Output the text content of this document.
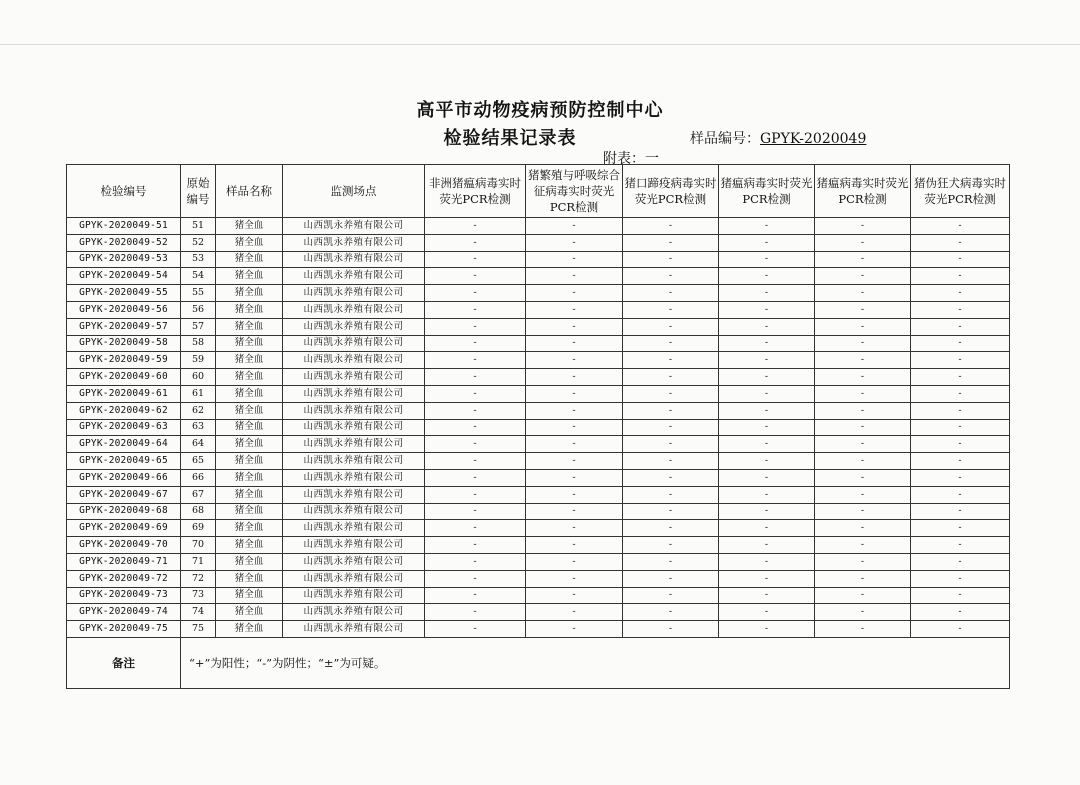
高平市动物疫病预防控制中心
检验结果记录表	样品编号：GPYK-2020049
附表：一
检验编号	原始编号	样品名称	监测场点	非洲猪瘟病毒实时荧光PCR检测	猪繁殖与呼吸综合征病毒实时荧光PCR检测	猪口蹄疫病毒实时荧光PCR检测	猪瘟病毒实时荧光PCR检测	猪瘟病毒实时荧光PCR检测	猪伪狂犬病毒实时荧光PCR检测
GPYK-2020049-51	51	猪全血	山西凯永养殖有限公司	-	-	-	-	-	-
GPYK-2020049-52	52	猪全血	山西凯永养殖有限公司	-	-	-	-	-	-
GPYK-2020049-53	53	猪全血	山西凯永养殖有限公司	-	-	-	-	-	-
GPYK-2020049-54	54	猪全血	山西凯永养殖有限公司	-	-	-	-	-	-
GPYK-2020049-55	55	猪全血	山西凯永养殖有限公司	-	-	-	-	-	-
GPYK-2020049-56	56	猪全血	山西凯永养殖有限公司	-	-	-	-	-	-
GPYK-2020049-57	57	猪全血	山西凯永养殖有限公司	-	-	-	-	-	-
GPYK-2020049-58	58	猪全血	山西凯永养殖有限公司	-	-	-	-	-	-
GPYK-2020049-59	59	猪全血	山西凯永养殖有限公司	-	-	-	-	-	-
GPYK-2020049-60	60	猪全血	山西凯永养殖有限公司	-	-	-	-	-	-
GPYK-2020049-61	61	猪全血	山西凯永养殖有限公司	-	-	-	-	-	-
GPYK-2020049-62	62	猪全血	山西凯永养殖有限公司	-	-	-	-	-	-
GPYK-2020049-63	63	猪全血	山西凯永养殖有限公司	-	-	-	-	-	-
GPYK-2020049-64	64	猪全血	山西凯永养殖有限公司	-	-	-	-	-	-
GPYK-2020049-65	65	猪全血	山西凯永养殖有限公司	-	-	-	-	-	-
GPYK-2020049-66	66	猪全血	山西凯永养殖有限公司	-	-	-	-	-	-
GPYK-2020049-67	67	猪全血	山西凯永养殖有限公司	-	-	-	-	-	-
GPYK-2020049-68	68	猪全血	山西凯永养殖有限公司	-	-	-	-	-	-
GPYK-2020049-69	69	猪全血	山西凯永养殖有限公司	-	-	-	-	-	-
GPYK-2020049-70	70	猪全血	山西凯永养殖有限公司	-	-	-	-	-	-
GPYK-2020049-71	71	猪全血	山西凯永养殖有限公司	-	-	-	-	-	-
GPYK-2020049-72	72	猪全血	山西凯永养殖有限公司	-	-	-	-	-	-
GPYK-2020049-73	73	猪全血	山西凯永养殖有限公司	-	-	-	-	-	-
GPYK-2020049-74	74	猪全血	山西凯永养殖有限公司	-	-	-	-	-	-
GPYK-2020049-75	75	猪全血	山西凯永养殖有限公司	-	-	-	-	-	-
备注	“+”为阳性；“-”为阴性；“±”为可疑。								
